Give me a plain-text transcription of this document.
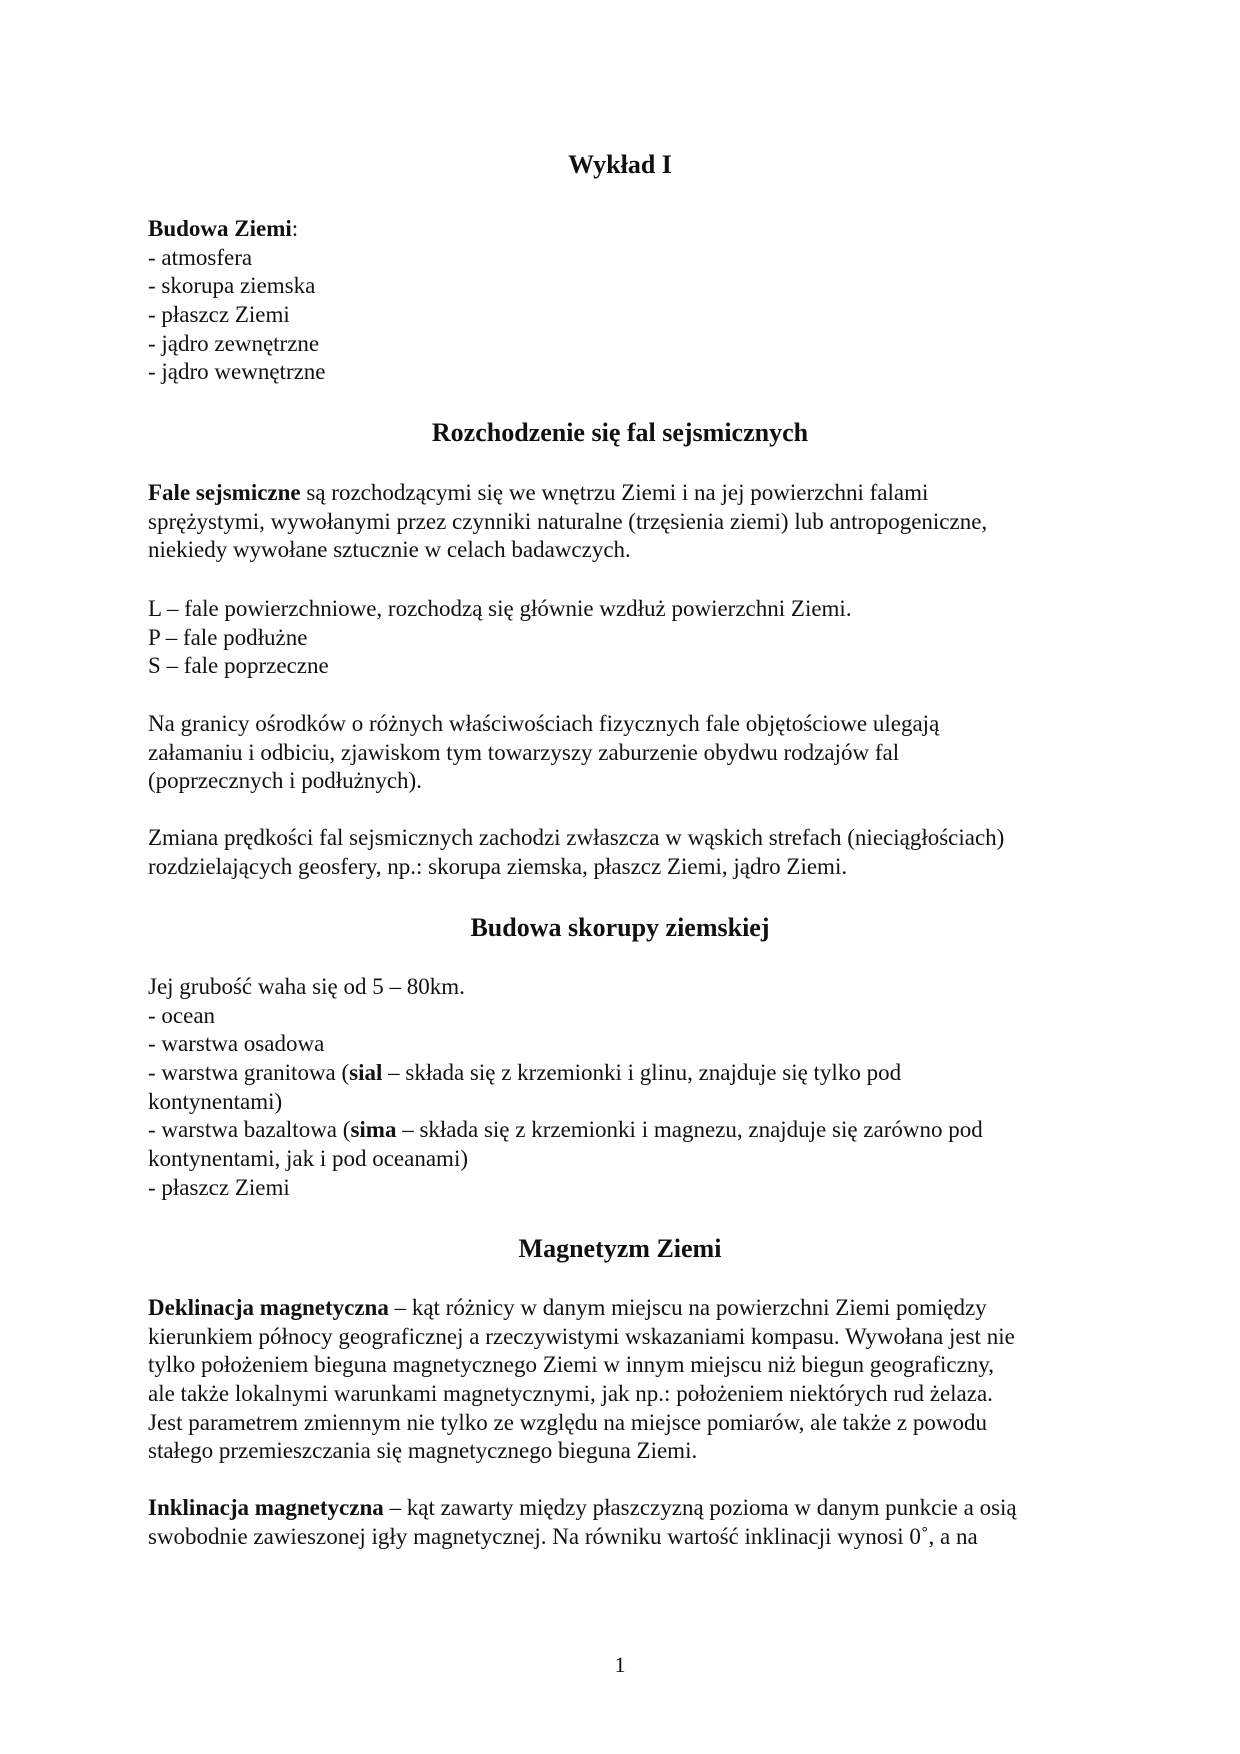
Wykład I
Budowa Ziemi:
- atmosfera
- skorupa ziemska
- płaszcz Ziemi
- jądro zewnętrzne
- jądro wewnętrzne
Rozchodzenie się fal sejsmicznych
Fale sejsmiczne są rozchodzącymi się we wnętrzu Ziemi i na jej powierzchni falami
sprężystymi, wywołanymi przez czynniki naturalne (trzęsienia ziemi) lub antropogeniczne,
niekiedy wywołane sztucznie w celach badawczych.
L – fale powierzchniowe, rozchodzą się głównie wzdłuż powierzchni Ziemi.
P – fale podłużne
S – fale poprzeczne
Na granicy ośrodków o różnych właściwościach fizycznych fale objętościowe ulegają
załamaniu i odbiciu, zjawiskom tym towarzyszy zaburzenie obydwu rodzajów fal
(poprzecznych i podłużnych).
Zmiana prędkości fal sejsmicznych zachodzi zwłaszcza w wąskich strefach (nieciągłościach)
rozdzielających geosfery, np.: skorupa ziemska, płaszcz Ziemi, jądro Ziemi.
Budowa skorupy ziemskiej
Jej grubość waha się od 5 – 80km.
- ocean
- warstwa osadowa
- warstwa granitowa (sial – składa się z krzemionki i glinu, znajduje się tylko pod
kontynentami)
- warstwa bazaltowa (sima – składa się z krzemionki i magnezu, znajduje się zarówno pod
kontynentami, jak i pod oceanami)
- płaszcz Ziemi
Magnetyzm Ziemi
Deklinacja magnetyczna – kąt różnicy w danym miejscu na powierzchni Ziemi pomiędzy
kierunkiem północy geograficznej a rzeczywistymi wskazaniami kompasu. Wywołana jest nie
tylko położeniem bieguna magnetycznego Ziemi w innym miejscu niż biegun geograficzny,
ale także lokalnymi warunkami magnetycznymi, jak np.: położeniem niektórych rud żelaza.
Jest parametrem zmiennym nie tylko ze względu na miejsce pomiarów, ale także z powodu
stałego przemieszczania się magnetycznego bieguna Ziemi.
Inklinacja magnetyczna – kąt zawarty między płaszczyzną pozioma w danym punkcie a osią
swobodnie zawieszonej igły magnetycznej. Na równiku wartość inklinacji wynosi 0˚, a na
1
